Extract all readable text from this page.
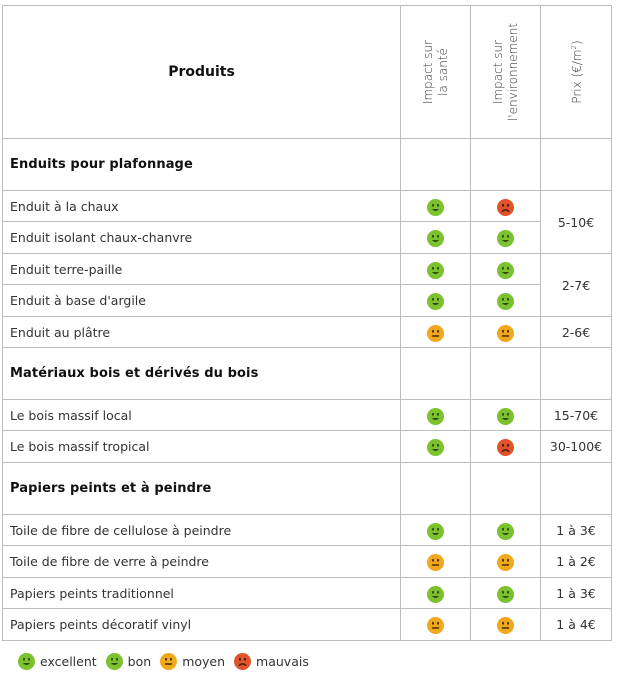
Produits	Impact sur la santé	Impact sur l'environnement	Prix $(€/m^2)$

Enduits pour plafonnage			
Enduit à la chaux			5-10€
Enduit isolant chaux-chanvre	

Enduit terre-paille			2-7€
Enduit à base d'argile	

Enduit au plâtre			2-6€
Matériaux bois et dérivés du bois			
Le bois massif local			15-70€
Le bois massif tropical			30-100€
Papiers peints et à peindre			
Toile de fibre de cellulose à peindre			1 à 3€
Toile de fibre de verre à peindre			1 à 2€
Papiers peints traditionnel			1 à 3€
Papiers peints décoratif vinyl			1 à 4€
excellent bon moyen mauvais
